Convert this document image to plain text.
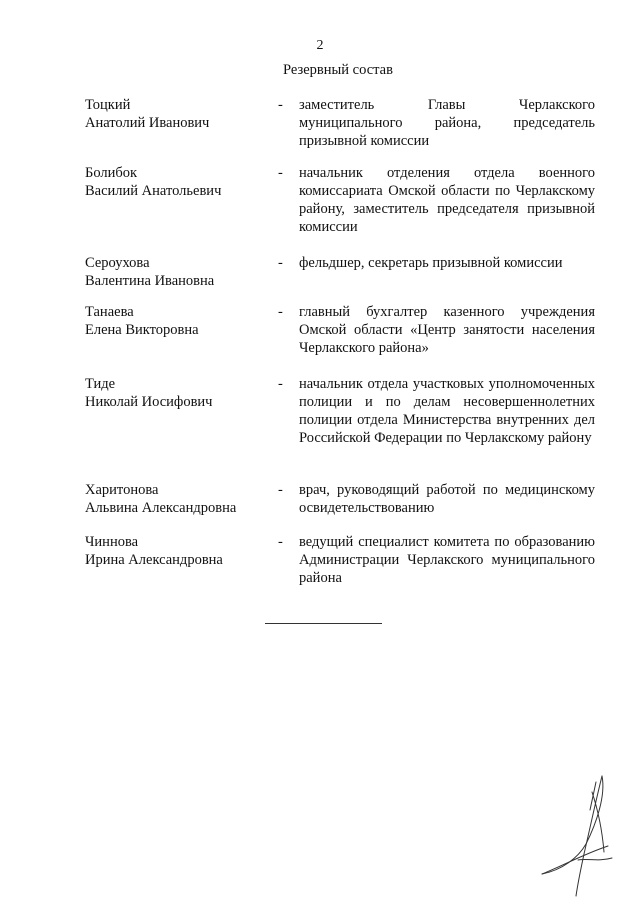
2
Резервный состав
Тоцкий
Анатолий Иванович
-	заместитель Главы Черлакского муниципального района, председатель призывной комиссии
Болибок
Василий Анатольевич
-	начальник отделения отдела военного комиссариата Омской области по Черлакскому району, заместитель председателя призывной комиссии
Сероухова
Валентина Ивановна
-	фельдшер, секретарь призывной комиссии
Танаева
Елена Викторовна
-	главный бухгалтер казенного учреждения Омской области «Центр занятости населения Черлакского района»
Тиде
Николай Иосифович
-	начальник отдела участковых уполномоченных полиции и по делам несовершеннолетних полиции отдела Министерства внутренних дел Российской Федерации по Черлакскому району
Харитонова
Альвина Александровна
-	врач, руководящий работой по медицинскому освидетельствованию
Чиннова
Ирина Александровна
-	ведущий специалист комитета по образованию Администрации Черлакского муниципального района
